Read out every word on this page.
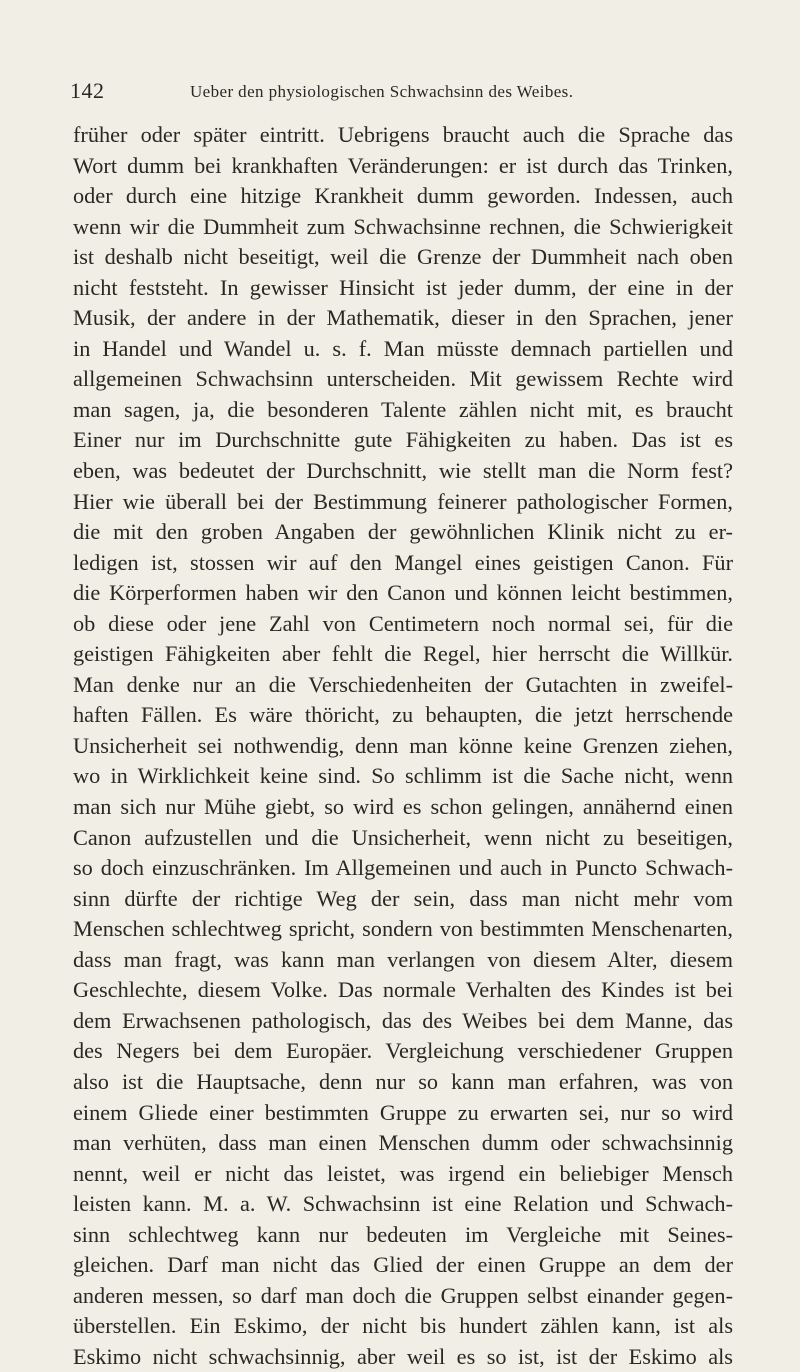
142	Ueber den physiologischen Schwachsinn des Weibes.
früher oder später eintritt. Uebrigens braucht auch die Sprache das
Wort dumm bei krankhaften Veränderungen: er ist durch das Trinken,
oder durch eine hitzige Krankheit dumm geworden. Indessen, auch
wenn wir die Dummheit zum Schwachsinne rechnen, die Schwierigkeit
ist deshalb nicht beseitigt, weil die Grenze der Dummheit nach oben
nicht feststeht. In gewisser Hinsicht ist jeder dumm, der eine in der
Musik, der andere in der Mathematik, dieser in den Sprachen, jener
in Handel und Wandel u. s. f. Man müsste demnach partiellen und
allgemeinen Schwachsinn unterscheiden. Mit gewissem Rechte wird
man sagen, ja, die besonderen Talente zählen nicht mit, es braucht
Einer nur im Durchschnitte gute Fähigkeiten zu haben. Das ist es
eben, was bedeutet der Durchschnitt, wie stellt man die Norm fest?
Hier wie überall bei der Bestimmung feinerer pathologischer Formen,
die mit den groben Angaben der gewöhnlichen Klinik nicht zu er-
ledigen ist, stossen wir auf den Mangel eines geistigen Canon. Für
die Körperformen haben wir den Canon und können leicht bestimmen,
ob diese oder jene Zahl von Centimetern noch normal sei, für die
geistigen Fähigkeiten aber fehlt die Regel, hier herrscht die Willkür.
Man denke nur an die Verschiedenheiten der Gutachten in zweifel-
haften Fällen. Es wäre thöricht, zu behaupten, die jetzt herrschende
Unsicherheit sei nothwendig, denn man könne keine Grenzen ziehen,
wo in Wirklichkeit keine sind. So schlimm ist die Sache nicht, wenn
man sich nur Mühe giebt, so wird es schon gelingen, annähernd einen
Canon aufzustellen und die Unsicherheit, wenn nicht zu beseitigen,
so doch einzuschränken. Im Allgemeinen und auch in Puncto Schwach-
sinn dürfte der richtige Weg der sein, dass man nicht mehr vom
Menschen schlechtweg spricht, sondern von bestimmten Menschenarten,
dass man fragt, was kann man verlangen von diesem Alter, diesem
Geschlechte, diesem Volke. Das normale Verhalten des Kindes ist bei
dem Erwachsenen pathologisch, das des Weibes bei dem Manne, das
des Negers bei dem Europäer. Vergleichung verschiedener Gruppen
also ist die Hauptsache, denn nur so kann man erfahren, was von
einem Gliede einer bestimmten Gruppe zu erwarten sei, nur so wird
man verhüten, dass man einen Menschen dumm oder schwachsinnig
nennt, weil er nicht das leistet, was irgend ein beliebiger Mensch
leisten kann. M. a. W. Schwachsinn ist eine Relation und Schwach-
sinn schlechtweg kann nur bedeuten im Vergleiche mit Seines-
gleichen. Darf man nicht das Glied der einen Gruppe an dem der
anderen messen, so darf man doch die Gruppen selbst einander gegen-
überstellen. Ein Eskimo, der nicht bis hundert zählen kann, ist als
Eskimo nicht schwachsinnig, aber weil es so ist, ist der Eskimo als
